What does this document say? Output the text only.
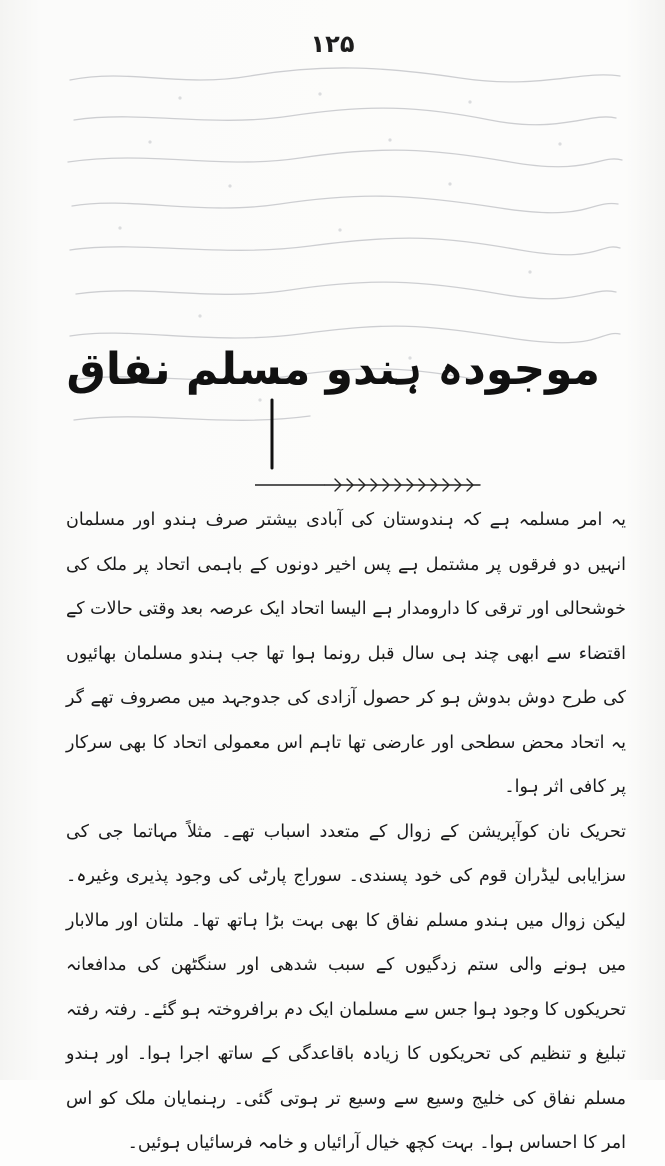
۱۲۵
موجودہ ہندو مسلم نفاق

یہ امر مسلمہ ہے کہ ہندوستان کی آبادی بیشتر صرف ہندو اور مسلمان انہیں دو فرقوں پر مشتمل ہے پس اخیر دونوں کے باہمی اتحاد پر ملک کی خوشحالی اور ترقی کا دارومدار ہے الیسا اتحاد ایک عرصہ بعد وقتی حالات کے اقتضاء سے ابھی چند ہی سال قبل رونما ہوا تھا جب ہندو مسلمان بھائیوں کی طرح دوش بدوش ہو کر حصول آزادی کی جدوجہد میں مصروف تھے گر یہ اتحاد محض سطحی اور عارضی تھا تاہم اس معمولی اتحاد کا بھی سرکار پر کافی اثر ہوا۔

تحریک نان کوآپریشن کے زوال کے متعدد اسباب تھے۔ مثلاً مہاتما جی کی سزایابی لیڈران قوم کی خود پسندی۔ سوراج پارٹی کی وجود پذیری وغیرہ۔ لیکن زوال میں ہندو مسلم نفاق کا بھی بہت بڑا ہاتھ تھا۔ ملتان اور مالابار میں ہونے والی ستم زدگیوں کے سبب شدھی اور سنگٹھن کی مدافعانہ تحریکوں کا وجود ہوا جس سے مسلمان ایک دم برافروختہ ہو گئے۔ رفتہ رفتہ تبلیغ و تنظیم کی تحریکوں کا زیادہ باقاعدگی کے ساتھ اجرا ہوا۔ اور ہندو مسلم نفاق کی خلیج وسیع سے وسیع تر ہوتی گئی۔ رہنمایان ملک کو اس امر کا احساس ہوا۔ بہت کچھ خیال آرائیاں و خامہ فرسائیاں ہوئیں۔
